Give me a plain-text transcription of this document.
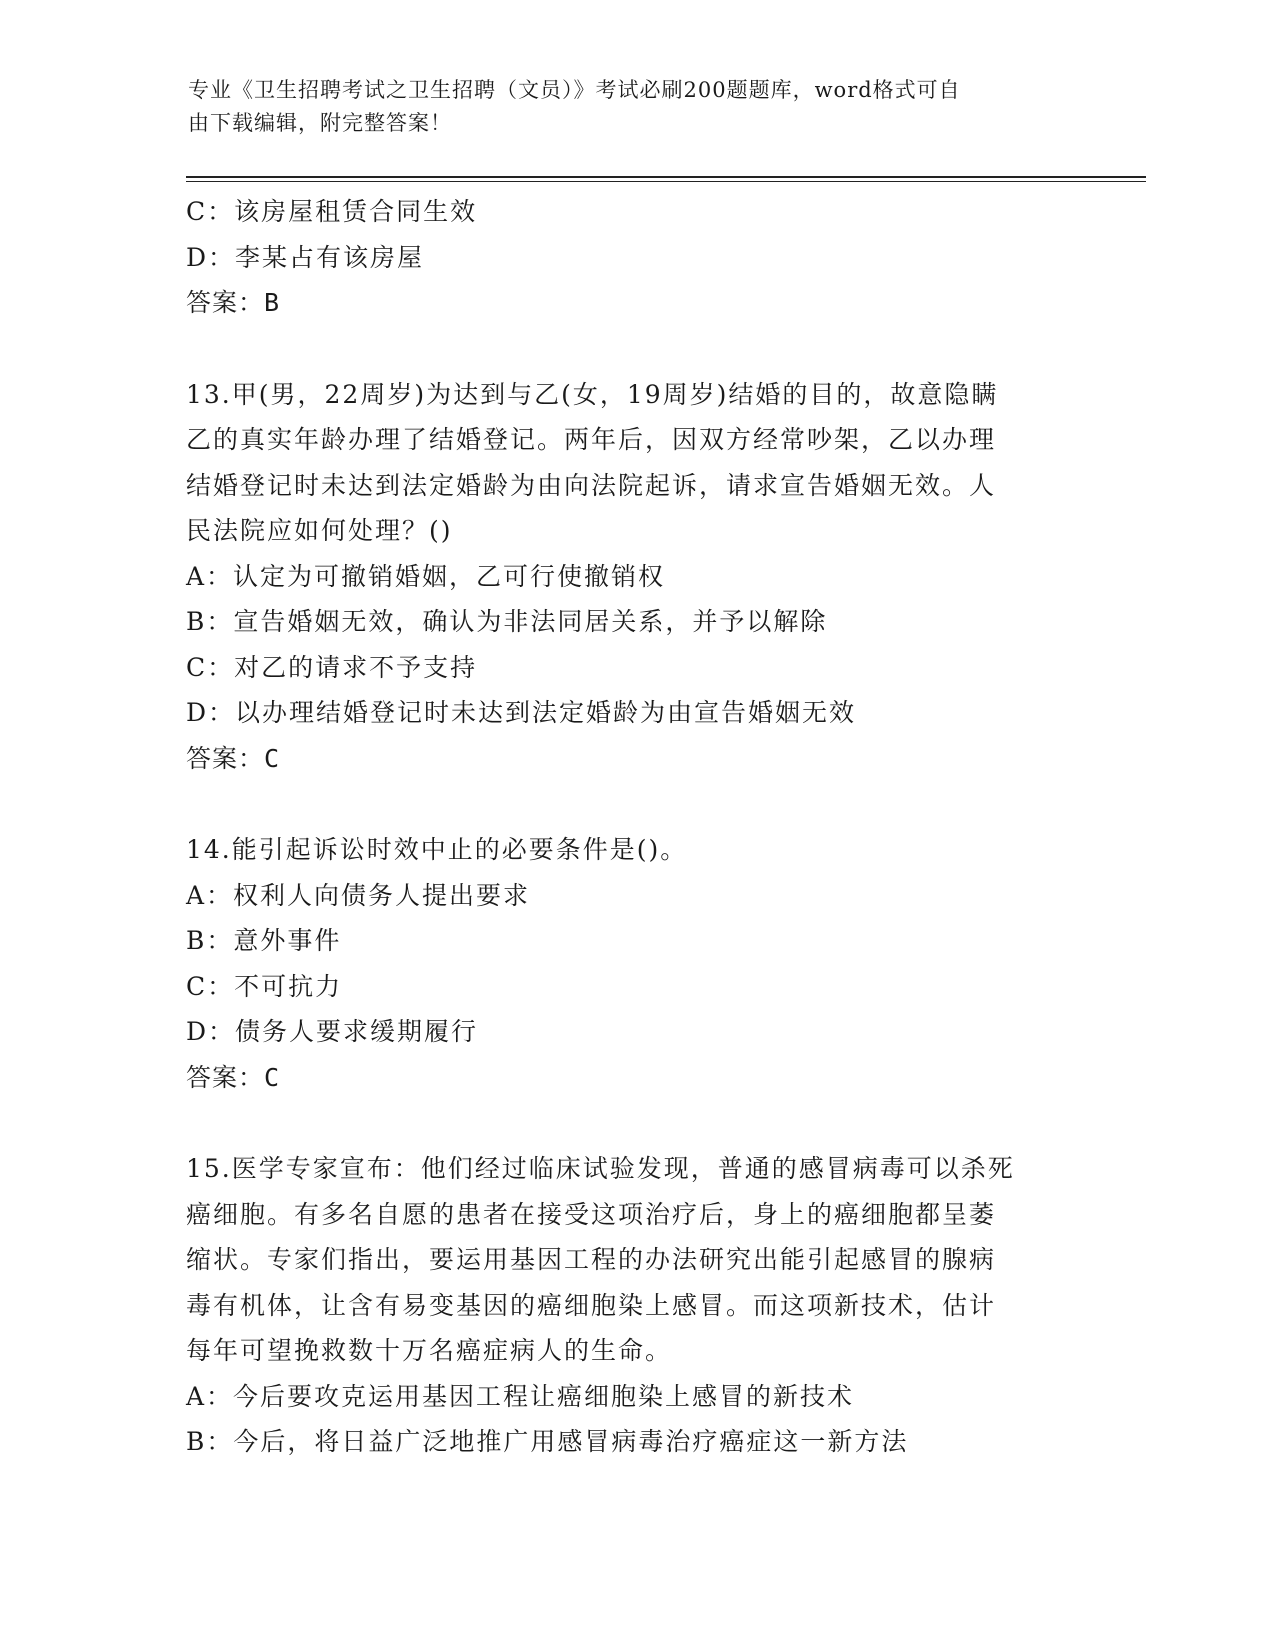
专业《卫生招聘考试之卫生招聘（文员）》考试必刷200题题库，word格式可自
由下载编辑，附完整答案！

C：该房屋租赁合同生效

D：李某占有该房屋

答案：B

13.甲(男，22周岁)为达到与乙(女，19周岁)结婚的目的，故意隐瞒

乙的真实年龄办理了结婚登记。两年后，因双方经常吵架，乙以办理

结婚登记时未达到法定婚龄为由向法院起诉，请求宣告婚姻无效。人

民法院应如何处理？()

A：认定为可撤销婚姻，乙可行使撤销权

B：宣告婚姻无效，确认为非法同居关系，并予以解除

C：对乙的请求不予支持

D：以办理结婚登记时未达到法定婚龄为由宣告婚姻无效

答案：C

14.能引起诉讼时效中止的必要条件是()。

A：权利人向债务人提出要求

B：意外事件

C：不可抗力

D：债务人要求缓期履行

答案：C

15.医学专家宣布：他们经过临床试验发现，普通的感冒病毒可以杀死

癌细胞。有多名自愿的患者在接受这项治疗后，身上的癌细胞都呈萎

缩状。专家们指出，要运用基因工程的办法研究出能引起感冒的腺病

毒有机体，让含有易变基因的癌细胞染上感冒。而这项新技术，估计

每年可望挽救数十万名癌症病人的生命。

A：今后要攻克运用基因工程让癌细胞染上感冒的新技术

B：今后，将日益广泛地推广用感冒病毒治疗癌症这一新方法
